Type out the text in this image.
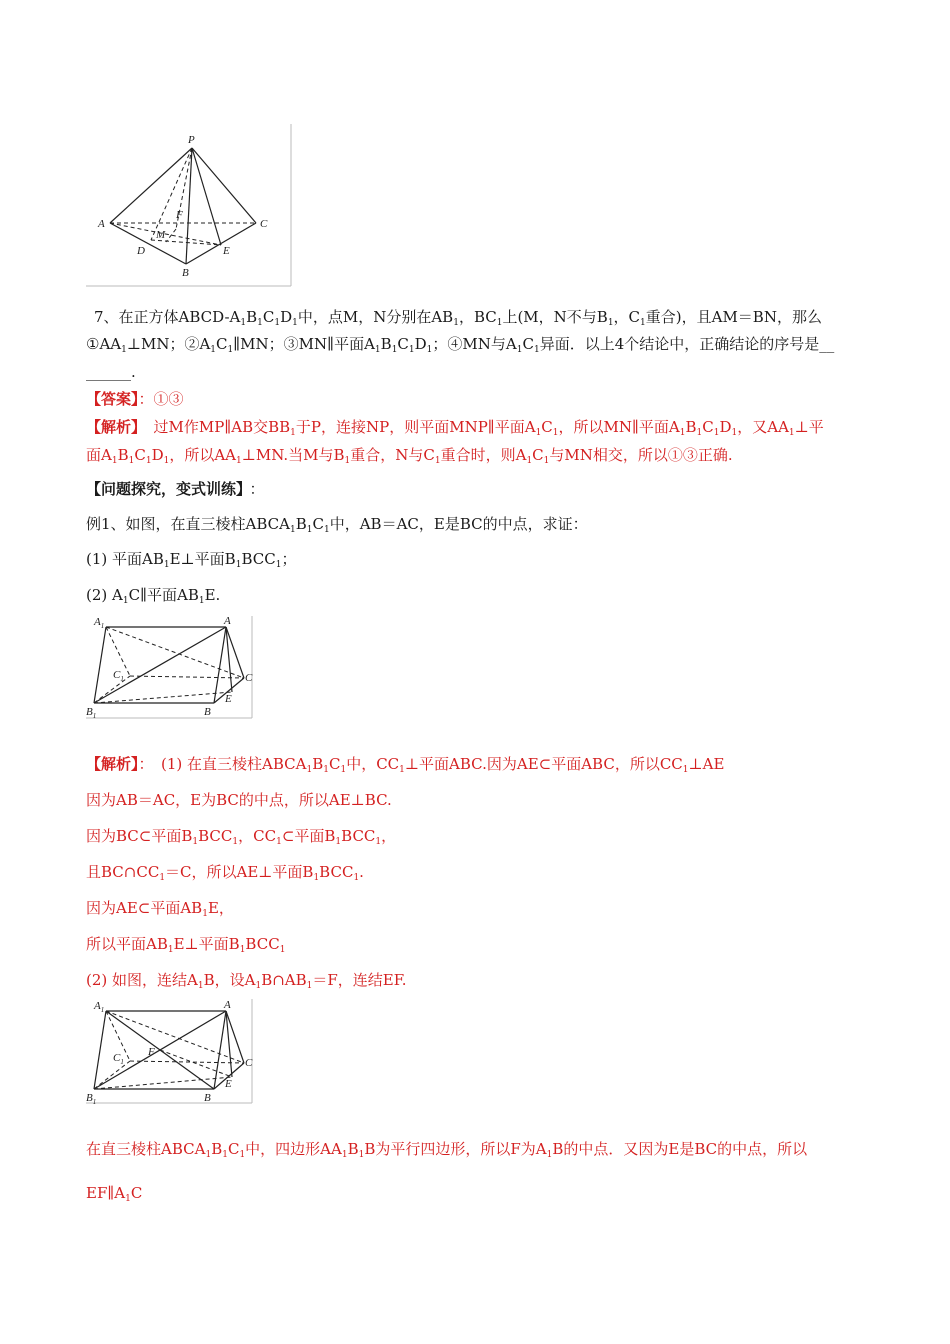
P
A	C
F
M
D	E
B
7、在正方体ABCD-$A_1B_1C_1D_1$中，点M，N分别在$AB_1$，$BC_1$上(M，N不与$B_1$，$C_1$重合)，且AM＝BN，那么
$①AA_1\perp MN$；$②A_1C_1\parallel MN$；③MN∥平面$A_1B_1C_1D_1$；④MN与$A_1C_1$异面．以上4个结论中，正确结论的序号是__
______.
【答案】：①③
【解析】　过M作MP∥AB交$BB_1$于P，连接NP，则平面MNP∥平面$A_1C_1$，所以MN∥平面$A_1B_1C_1D_1$，又$AA_1\perp$平
面$A_1B_1C_1D_1$，所以$AA_1\perp MN$.当M与$B_1$重合，N与$C_1$重合时，则$A_1C_1$与MN相交，所以①③正确.
【问题探究，变式训练】 ：
例1、如图，在直三棱柱$ABCA_1B_1C_1$中，AB＝AC，E是BC的中点，求证：
(1) 平面$AB_1E\perp$平面$B_1BCC_1$；
(2) $A_1C\parallel$平面$AB_1E$.
$A_1$	A
$C_1$	C
E
$B_1$	B
【解析】：　(1) 在直三棱柱$ABCA_1B_1C_1$中，$CC_1\perp$平面ABC.因为AE⊂平面ABC，所以$CC_1\perp AE$
因为AB＝AC，E为BC的中点，所以AE⊥BC.
因为BC⊂平面$B_1BCC_1$，$CC_1\subset$平面$B_1BCC_1$，
且$BC\cap CC_1=C$，所以AE⊥平面$B_1BCC_1$.
因为AE⊂平面$AB_1E$，
所以平面$AB_1E\perp$平面$B_1BCC_1$
(2) 如图，连结$A_1B$，设$A_1B\cap AB_1=F$，连结EF.
$A_1$	A
$C_1$
F
C
E
$B_1$	B
在直三棱柱$ABCA_1B_1C_1$中，四边形$AA_1B_1B$为平行四边形，所以F为$A_1B$的中点．又因为E是BC的中点，所以
$EF\parallel A_1C$
